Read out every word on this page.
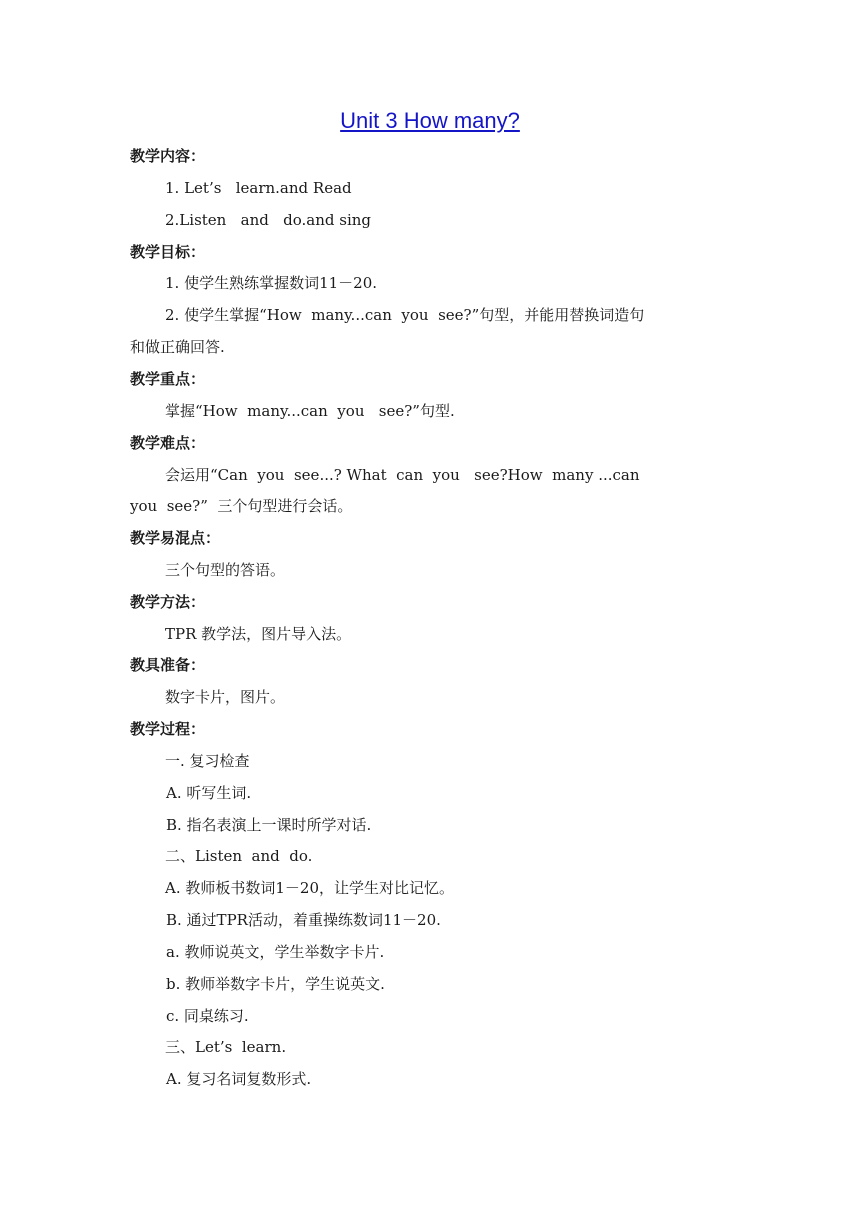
Unit 3 How many?
教学内容：
1. Let’s   learn.and Read
2.Listen   and   do.and sing
教学目标：
1. 使学生熟练掌握数词11－20.
2. 使学生掌握“How  many...can  you  see?”句型，并能用替换词造句
和做正确回答.
教学重点：
掌握“How  many...can  you   see?”句型.
教学难点：
会运用“Can  you  see...? What  can  you   see?How  many ...can
you  see?”  三个句型进行会话。
教学易混点：
三个句型的答语。
教学方法：
TPR 教学法，图片导入法。
教具准备：
数字卡片，图片。
教学过程：
一. 复习检查
A. 听写生词.
B. 指名表演上一课时所学对话.
二、Listen  and  do.
A. 教师板书数词1－20，让学生对比记忆。
B. 通过TPR活动，着重操练数词11－20.
a. 教师说英文，学生举数字卡片.
b. 教师举数字卡片，学生说英文.
c. 同桌练习.
三、Let’s  learn.
A. 复习名词复数形式.
